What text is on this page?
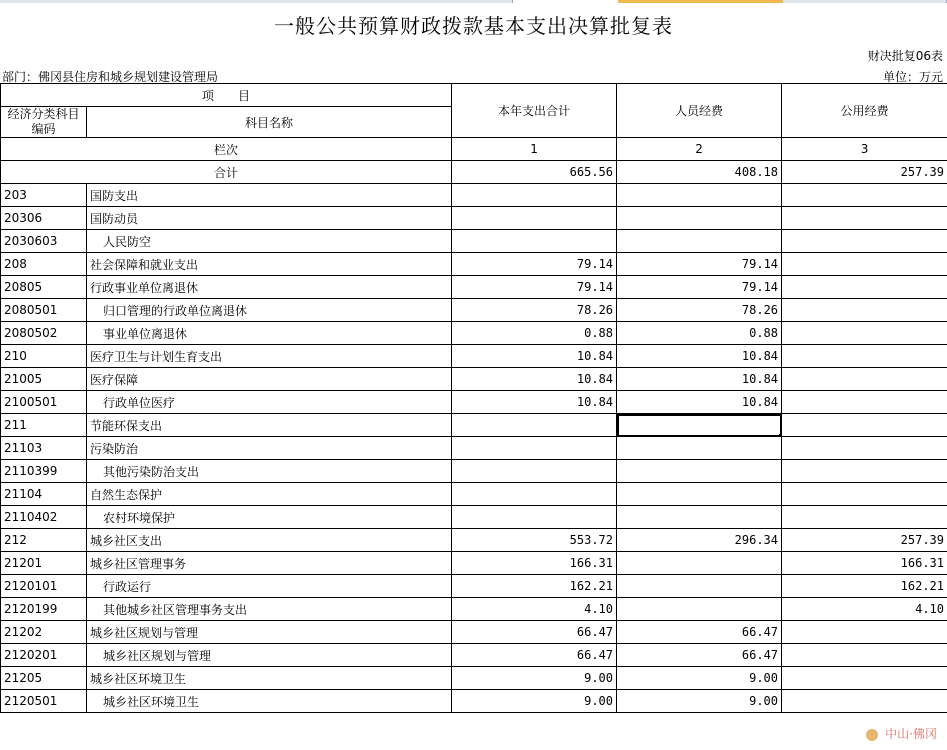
一般公共预算财政拨款基本支出决算批复表
财决批复06表
部门：佛冈县住房和城乡规划建设管理局	单位：万元
项　　目		本年支出合计	人员经费	公用经费
经济分类科目编码	科目名称			
栏次		1	2	3
合计		665.56	408.18	257.39
203	国防支出			
20306	国防动员			
2030603	人民防空			
208	社会保障和就业支出	79.14	79.14	
20805	行政事业单位离退休	79.14	79.14	
2080501	归口管理的行政单位离退休	78.26	78.26	
2080502	事业单位离退休	0.88	0.88	
210	医疗卫生与计划生育支出	10.84	10.84	
21005	医疗保障	10.84	10.84	
2100501	行政单位医疗	10.84	10.84	
211	节能环保支出		

21103	污染防治			
2110399	其他污染防治支出			
21104	自然生态保护			
2110402	农村环境保护			
212	城乡社区支出	553.72	296.34	257.39
21201	城乡社区管理事务	166.31		166.31
2120101	行政运行	162.21		162.21
2120199	其他城乡社区管理事务支出	4.10		4.10
21202	城乡社区规划与管理	66.47	66.47	
2120201	城乡社区规划与管理	66.47	66.47	
21205	城乡社区环境卫生	9.00	9.00	
2120501	城乡社区环境卫生	9.00	9.00	
中山·佛冈
